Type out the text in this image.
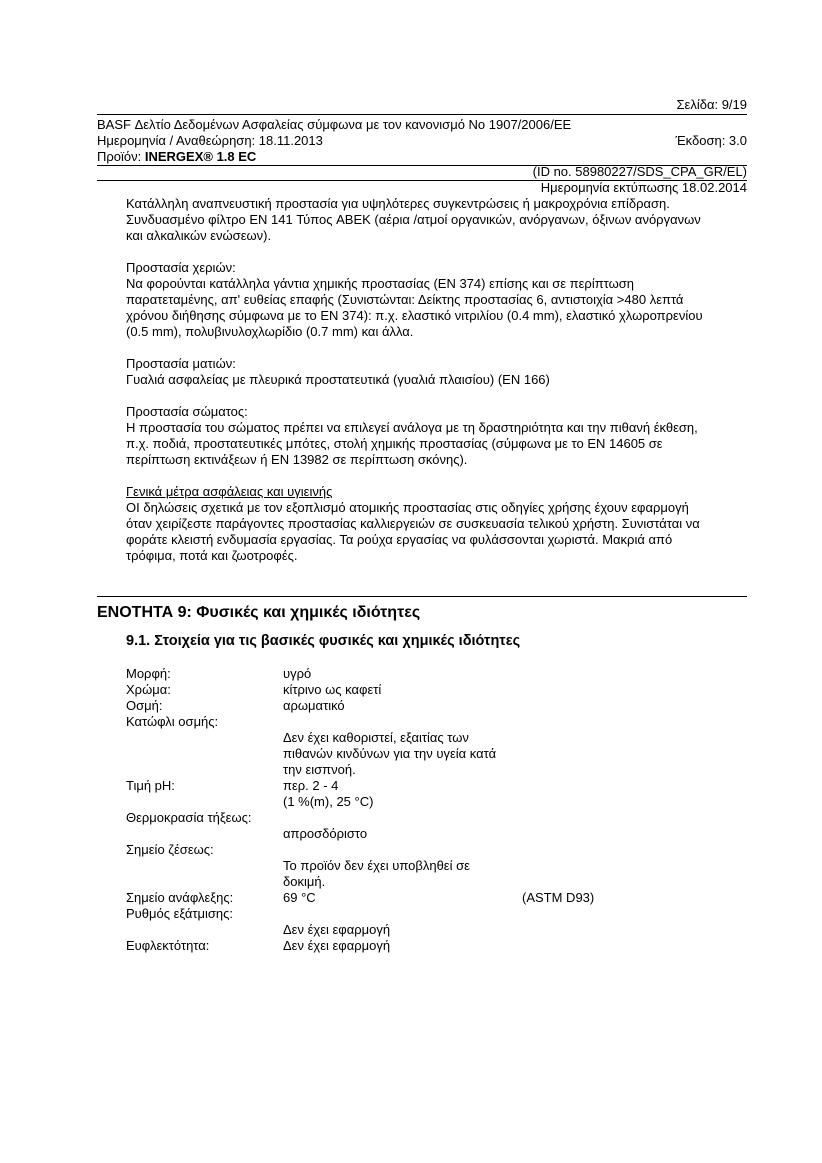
Σελίδα: 9/19
BASF Δελτίο Δεδομένων Ασφαλείας σύμφωνα με τον κανονισμό Νο 1907/2006/ΕΕ
Ημερομηνία / Αναθεώρηση: 18.11.2013	Έκδοση: 3.0
Προϊόν: INERGEX® 1.8 EC
(ID no. 58980227/SDS_CPA_GR/EL)
Ημερομηνία εκτύπωσης 18.02.2014
Κατάλληλη αναπνευστική προστασία για υψηλότερες συγκεντρώσεις ή μακροχρόνια επίδραση.
Συνδυασμένο φίλτρο EN 141 Τύπος ABEK (αέρια /ατμοί οργανικών, ανόργανων, όξινων ανόργανων
και αλκαλικών ενώσεων).
Προστασία χεριών:
Να φορούνται κατάλληλα γάντια χημικής προστασίας (EN 374) επίσης και σε περίπτωση
παρατεταμένης, απ' ευθείας επαφής (Συνιστώνται: Δείκτης προστασίας 6, αντιστοιχία >480 λεπτά
χρόνου διήθησης σύμφωνα με το EN 374): π.χ. ελαστικό νιτριλίου (0.4 mm), ελαστικό χλωροπρενίου
(0.5 mm), πολυβινυλοχλωρίδιο (0.7 mm) και άλλα.
Προστασία ματιών:
Γυαλιά ασφαλείας με πλευρικά προστατευτικά (γυαλιά πλαισίου) (EN 166)
Προστασία σώματος:
Η προστασία του σώματος πρέπει να επιλεγεί ανάλογα με τη δραστηριότητα και την πιθανή έκθεση,
π.χ. ποδιά, προστατευτικές μπότες, στολή χημικής προστασίας (σύμφωνα με το EN 14605 σε
περίπτωση εκτινάξεων ή EN 13982 σε περίπτωση σκόνης).
Γενικά μέτρα ασφάλειας και υγιεινής
ΟΙ δηλώσεις σχετικά με τον εξοπλισμό ατομικής προστασίας στις οδηγίες χρήσης έχουν εφαρμογή
όταν χειρίζεστε παράγοντες προστασίας καλλιεργειών σε συσκευασία τελικού χρήστη. Συνιστάται να
φοράτε κλειστή ενδυμασία εργασίας. Τα ρούχα εργασίας να φυλάσσονται χωριστά. Μακριά από
τρόφιμα, ποτά και ζωοτροφές.
ΕΝΟΤΗΤΑ 9: Φυσικές και χημικές ιδιότητες
9.1. Στοιχεία για τις βασικές φυσικές και χημικές ιδιότητες
Μορφή:	υγρό
Χρώμα:	κίτρινο ως καφετί
Οσμή:	αρωματικό
Κατώφλι οσμής:
Δεν έχει καθοριστεί, εξαιτίας των
πιθανών κινδύνων για την υγεία κατά
την εισπνοή.
Τιμή pH:	περ. 2 - 4
(1 %(m), 25 °C)
Θερμοκρασία τήξεως:
απροσδόριστο
Σημείο ζέσεως:
Το προϊόν δεν έχει υποβληθεί σε
δοκιμή.
Σημείο ανάφλεξης:	69 °C	(ASTM D93)
Ρυθμός εξάτμισης:
Δεν έχει εφαρμογή
Ευφλεκτότητα:	Δεν έχει εφαρμογή
